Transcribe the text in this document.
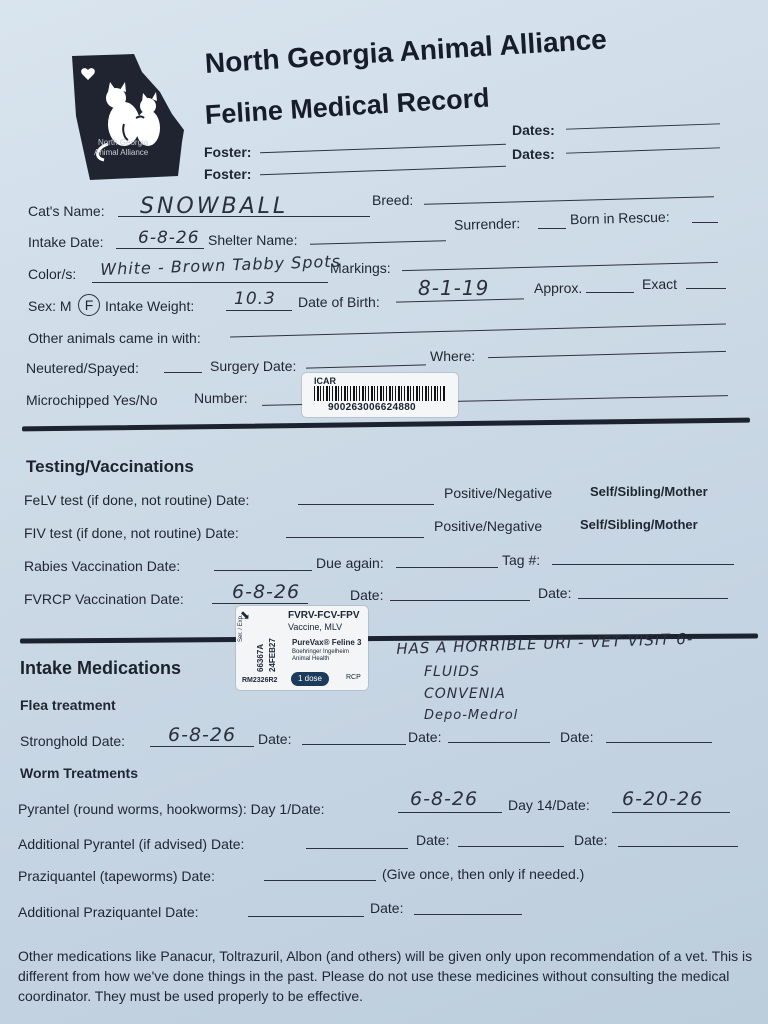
North Georgia
Animal Alliance
North Georgia Animal Alliance
Feline Medical Record
Foster:
Dates:
Foster:
Dates:
Cat's Name: SNOWBALL	Breed:
Intake Date: 6-8-26 Shelter Name:
Surrender:	Born in Rescue:
Color/s: White - Brown Tabby Spots
Markings:
Sex: M F Intake Weight: 10.3 Date of Birth:
8-1-19	Approx.	Exact
Other animals came in with:
Neutered/Spayed:	Surgery Date:
Where:
Microchipped Yes/No	Number:
ICAR
900263006624880
Testing/Vaccinations
FeLV test (if done, not routine) Date:	Positive/Negative	Self/Sibling/Mother
FIV test (if done, not routine) Date:	Positive/Negative	Self/Sibling/Mother
Rabies Vaccination Date:	Due again:	Tag #:
FVRCP Vaccination Date:	6-8-26	Date:	Date:
⬊	FVRV-FCV-FPV
Vaccine, MLV
PureVax® Feline 3
Boehringer Ingelheim
Animal Health
Ser. / Exp.
66367A 24FEB27
RM2326R2	1 dose	RCP
Intake Medications
HAS A HORRIBLE URI - VET VISIT 6-
FLUIDS
CONVENIA
Depo-Medrol
Flea treatment
Stronghold Date: 6-8-26 Date:	Date:	Date:
Worm Treatments
Pyrantel (round worms, hookworms): Day 1/Date:	6-8-26 Day 14/Date: 6-20-26
Additional Pyrantel (if advised) Date:	Date:	Date:
Praziquantel (tapeworms) Date:	(Give once, then only if needed.)
Additional Praziquantel Date:	Date:
Other medications like Panacur, Toltrazuril, Albon (and others) will be given only upon recommendation of a vet. This is different from how we've done things in the past. Please do not use these medicines without consulting the medical coordinator. They must be used properly to be effective.
